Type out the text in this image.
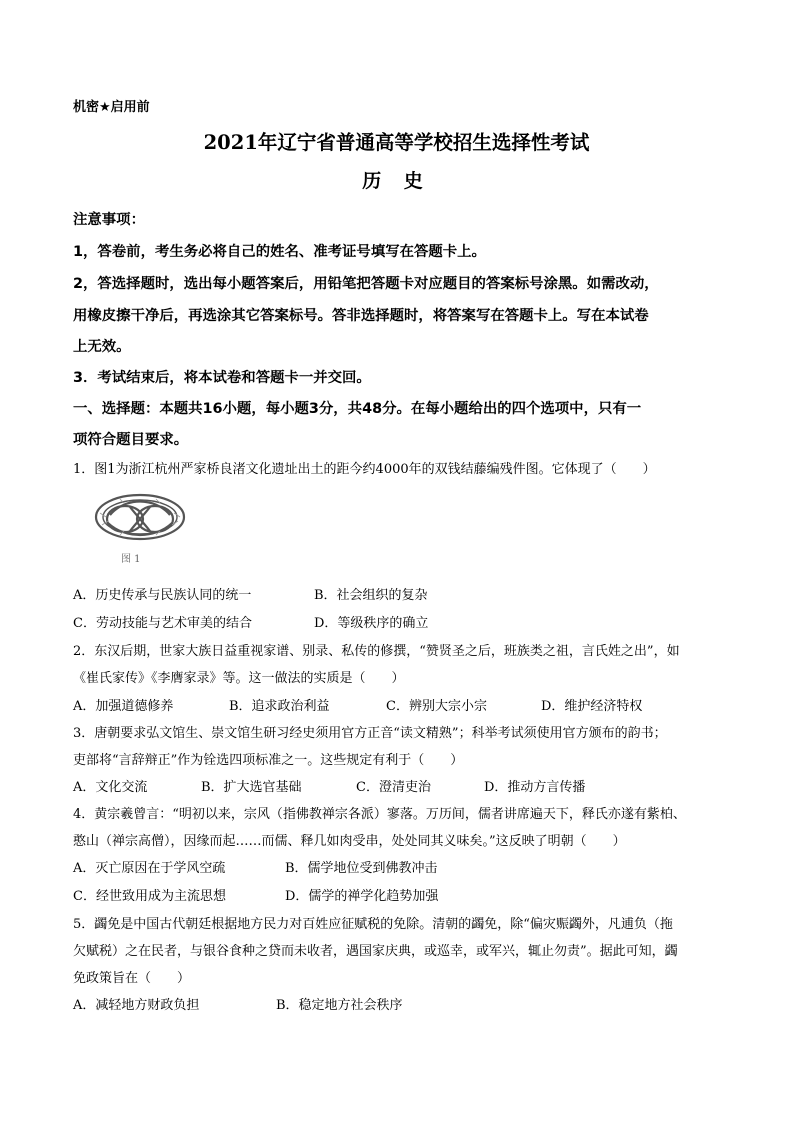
机密★启用前
2021年辽宁省普通高等学校招生选择性考试
历 史
注意事项：
1，答卷前，考生务必将自己的姓名、准考证号填写在答题卡上。
2，答选择题时，选出每小题答案后，用铅笔把答题卡对应题目的答案标号涂黑。如需改动，
用橡皮擦干净后，再选涂其它答案标号。答非选择题时，将答案写在答题卡上。写在本试卷
上无效。
3．考试结束后，将本试卷和答题卡一并交回。
一、选择题：本题共16小题，每小题3分，共48分。在每小题给出的四个选项中，只有一
项符合题目要求。
1．图1为浙江杭州严家桥良渚文化遗址出土的距今约4000年的双钱结藤编残件图。它体现了（　　）
图 1
A．历史传承与民族认同的统一	B．社会组织的复杂
C．劳动技能与艺术审美的结合	D．等级秩序的确立
2．东汉后期，世家大族日益重视家谱、别录、私传的修撰，“赞贤圣之后，班族类之祖，言氏姓之出”，如
《崔氏家传》《李膺家录》等。这一做法的实质是（　　）
A．加强道德修养	B．追求政治利益	C．辨别大宗小宗	D．维护经济特权
3．唐朝要求弘文馆生、崇文馆生研习经史须用官方正音“读文精熟”；科举考试须使用官方颁布的韵书；
吏部将“言辞辩正”作为铨选四项标准之一。这些规定有利于（　　）
A．文化交流	B．扩大选官基础	C．澄清吏治	D．推动方言传播
4．黄宗羲曾言：“明初以来，宗风（指佛教禅宗各派）寥落。万历间，儒者讲席遍天下，释氏亦遂有紫柏、
憨山（禅宗高僧），因缘而起……而儒、释几如肉受串，处处同其义味矣。”这反映了明朝（　　）
A．灭亡原因在于学风空疏	B．儒学地位受到佛教冲击
C．经世致用成为主流思想	D．儒学的禅学化趋势加强
5．蠲免是中国古代朝廷根据地方民力对百姓应征赋税的免除。清朝的蠲免，除“偏灾赈蠲外，凡逋负（拖
欠赋税）之在民者，与银谷食种之贷而未收者，遇国家庆典，或巡幸，或军兴，辄止勿责”。据此可知，蠲
免政策旨在（　　）
A．减轻地方财政负担	B．稳定地方社会秩序
